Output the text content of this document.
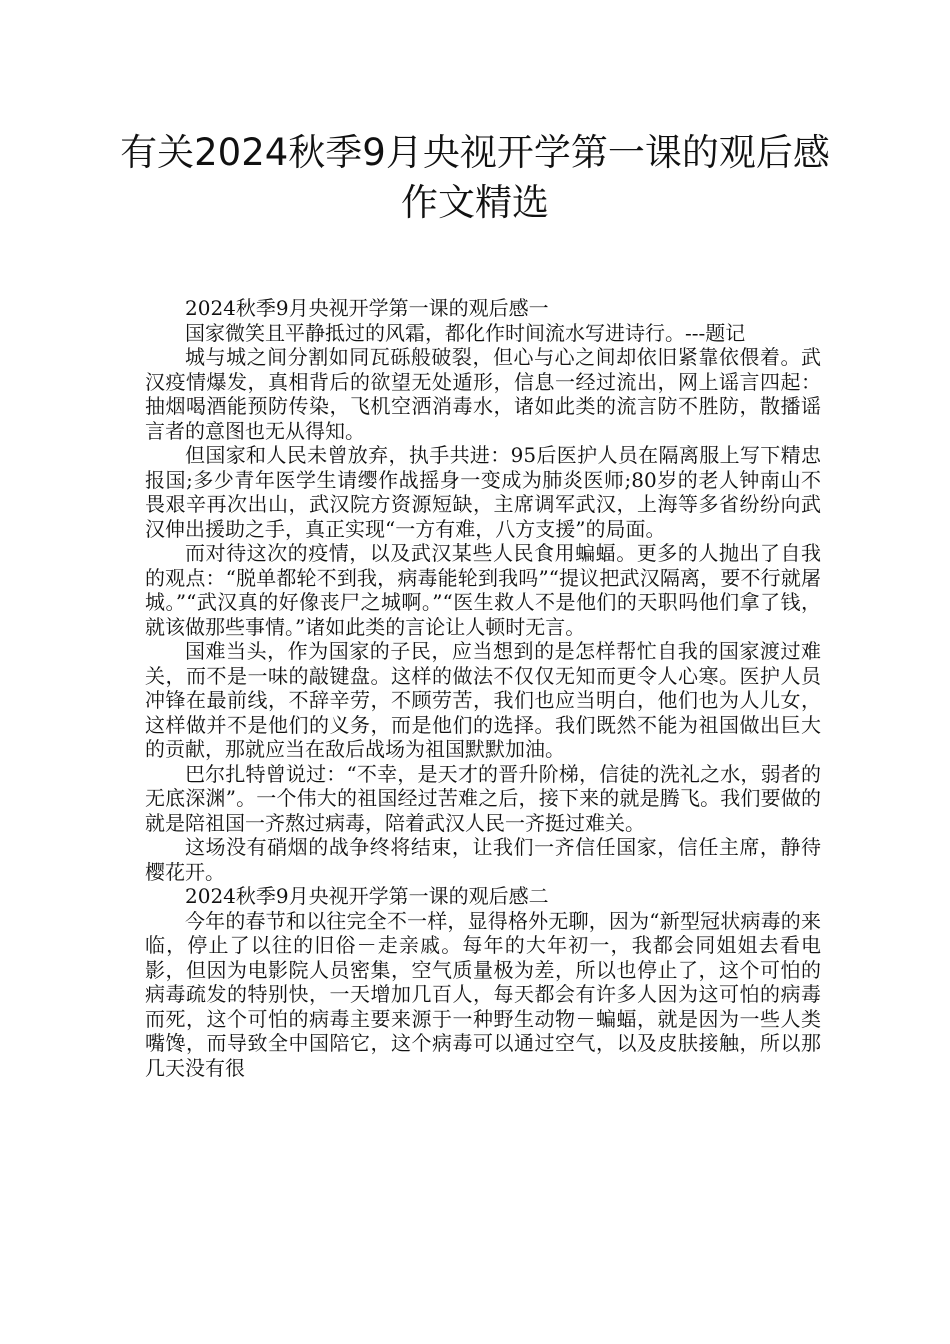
有关2024秋季9月央视开学第一课的观后感作文精选

2024秋季9月央视开学第一课的观后感一

国家微笑且平静抵过的风霜，都化作时间流水写进诗行。---题记

城与城之间分割如同瓦砾般破裂，但心与心之间却依旧紧靠依偎着。武汉疫情爆发，真相背后的欲望无处遁形，信息一经过流出，网上谣言四起：抽烟喝酒能预防传染，飞机空洒消毒水，诸如此类的流言防不胜防，散播谣言者的意图也无从得知。

但国家和人民未曾放弃，执手共进：95后医护人员在隔离服上写下精忠报国;多少青年医学生请缨作战摇身一变成为肺炎医师;80岁的老人钟南山不畏艰辛再次出山，武汉院方资源短缺，主席调军武汉，上海等多省纷纷向武汉伸出援助之手，真正实现“一方有难，八方支援”的局面。

而对待这次的疫情，以及武汉某些人民食用蝙蝠。更多的人抛出了自我的观点：“脱单都轮不到我，病毒能轮到我吗”“提议把武汉隔离，要不行就屠城。”“武汉真的好像丧尸之城啊。”“医生救人不是他们的天职吗他们拿了钱，就该做那些事情。”诸如此类的言论让人顿时无言。

国难当头，作为国家的子民，应当想到的是怎样帮忙自我的国家渡过难关，而不是一味的敲键盘。这样的做法不仅仅无知而更令人心寒。医护人员冲锋在最前线，不辞辛劳，不顾劳苦，我们也应当明白，他们也为人儿女，这样做并不是他们的义务，而是他们的选择。我们既然不能为祖国做出巨大的贡献，那就应当在敌后战场为祖国默默加油。

巴尔扎特曾说过：“不幸，是天才的晋升阶梯，信徒的洗礼之水，弱者的无底深渊”。一个伟大的祖国经过苦难之后，接下来的就是腾飞。我们要做的就是陪祖国一齐熬过病毒，陪着武汉人民一齐挺过难关。

这场没有硝烟的战争终将结束，让我们一齐信任国家，信任主席，静待樱花开。

2024秋季9月央视开学第一课的观后感二

今年的春节和以往完全不一样，显得格外无聊，因为“新型冠状病毒的来临，停止了以往的旧俗－走亲戚。每年的大年初一，我都会同姐姐去看电影，但因为电影院人员密集，空气质量极为差，所以也停止了，这个可怕的病毒疏发的特别快，一天增加几百人，每天都会有许多人因为这可怕的病毒而死，这个可怕的病毒主要来源于一种野生动物－蝙蝠，就是因为一些人类嘴馋，而导致全中国陪它，这个病毒可以通过空气，以及皮肤接触，所以那几天没有很
